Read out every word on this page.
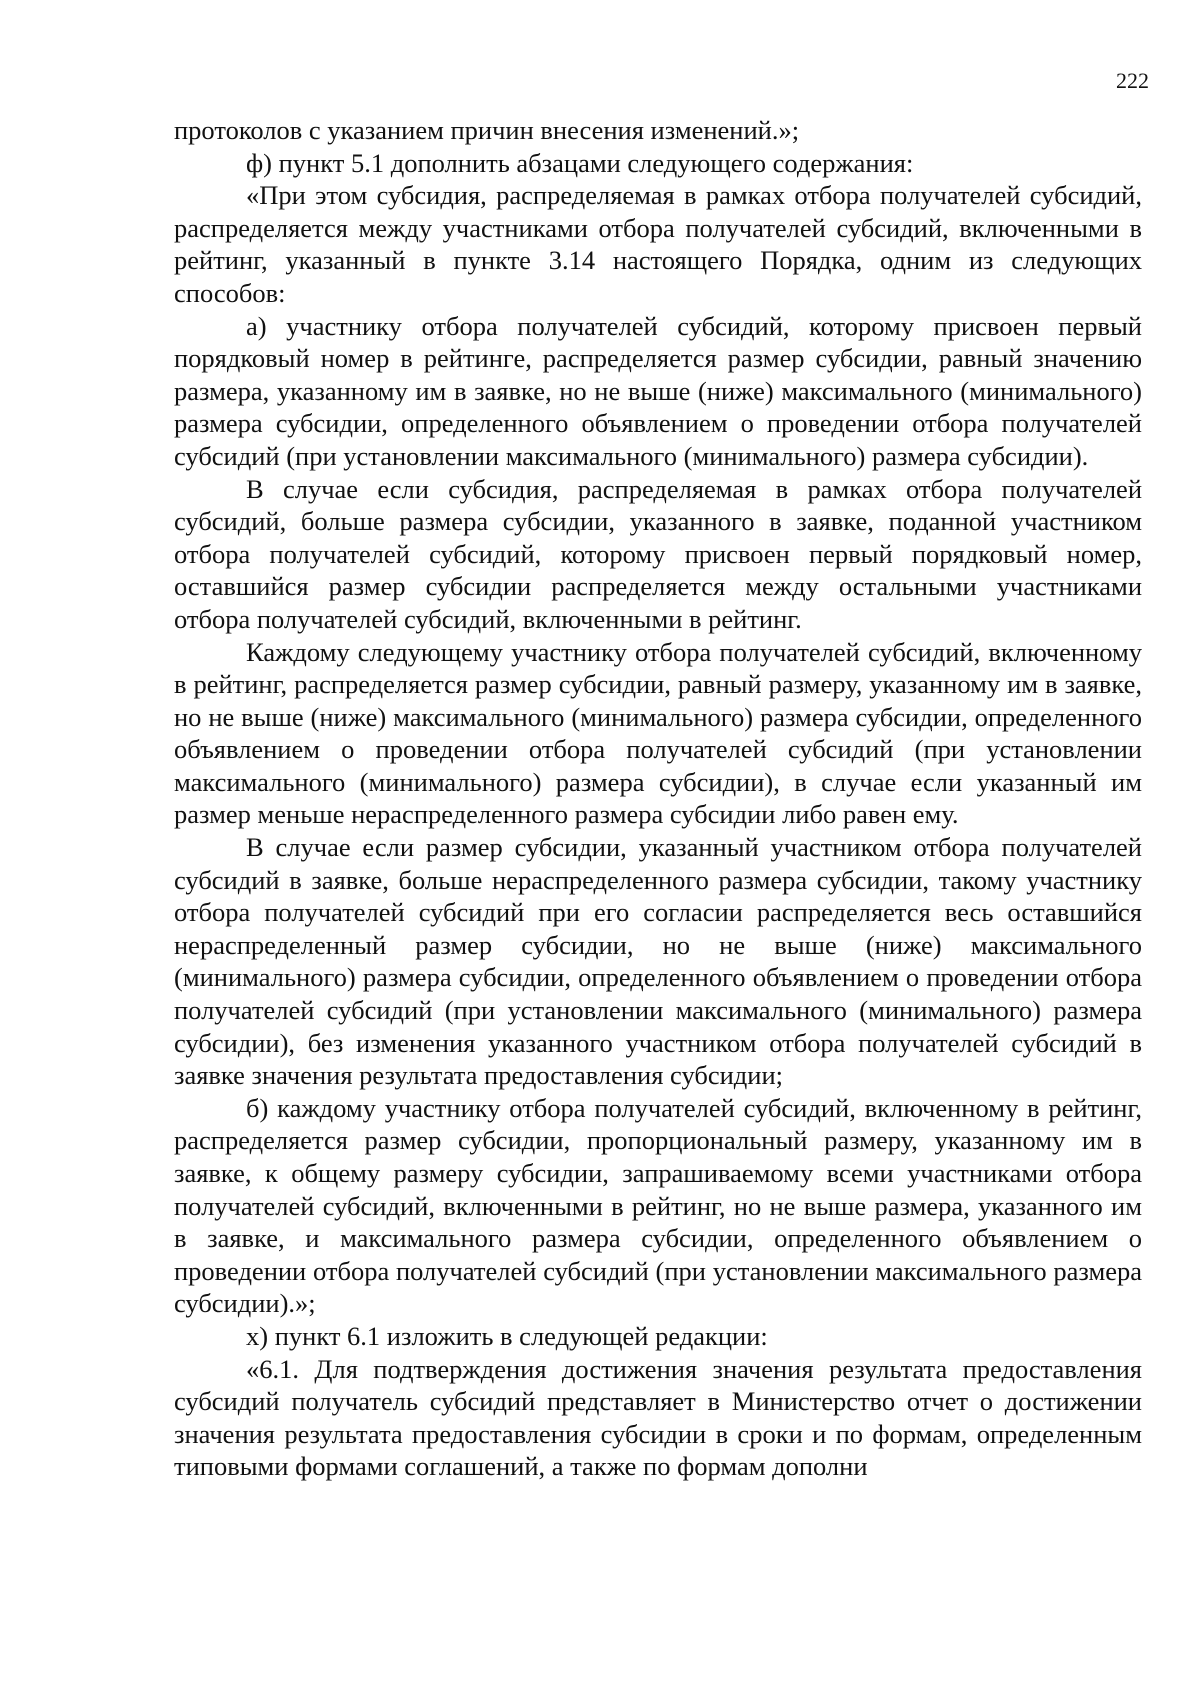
222

протоколов с указанием причин внесения изменений.»;

ф) пункт 5.1 дополнить абзацами следующего содержания:

«При этом субсидия, распределяемая в рамках отбора получателей субсидий, распределяется между участниками отбора получателей субсидий, включенными в рейтинг, указанный в пункте 3.14 настоящего Порядка, одним из следующих способов:

а) участнику отбора получателей субсидий, которому присвоен первый порядковый номер в рейтинге, распределяется размер субсидии, равный значению размера, указанному им в заявке, но не выше (ниже) максимального (минимального) размера субсидии, определенного объявлением о проведении отбора получателей субсидий (при установлении максимального (минимального) размера субсидии).

В случае если субсидия, распределяемая в рамках отбора получателей субсидий, больше размера субсидии, указанного в заявке, поданной участником отбора получателей субсидий, которому присвоен первый порядковый номер, оставшийся размер субсидии распределяется между остальными участниками отбора получателей субсидий, включенными в рейтинг.

Каждому следующему участнику отбора получателей субсидий, включенному в рейтинг, распределяется размер субсидии, равный размеру, указанному им в заявке, но не выше (ниже) максимального (минимального) размера субсидии, определенного объявлением о проведении отбора получателей субсидий (при установлении максимального (минимального) размера субсидии), в случае если указанный им размер меньше нераспределенного размера субсидии либо равен ему.

В случае если размер субсидии, указанный участником отбора получателей субсидий в заявке, больше нераспределенного размера субсидии, такому участнику отбора получателей субсидий при его согласии распределяется весь оставшийся нераспределенный размер субсидии, но не выше (ниже) максимального (минимального) размера субсидии, определенного объявлением о проведении отбора получателей субсидий (при установлении максимального (минимального) размера субсидии), без изменения указанного участником отбора получателей субсидий в заявке значения результата предоставления субсидии;

б) каждому участнику отбора получателей субсидий, включенному в рейтинг, распределяется размер субсидии, пропорциональный размеру, указанному им в заявке, к общему размеру субсидии, запрашиваемому всеми участниками отбора получателей субсидий, включенными в рейтинг, но не выше размера, указанного им в заявке, и максимального размера субсидии, определенного объявлением о проведении отбора получателей субсидий (при установлении максимального размера субсидии).»;

х) пункт 6.1 изложить в следующей редакции:

«6.1. Для подтверждения достижения значения результата предоставления субсидий получатель субсидий представляет в Министерство отчет о достижении значения результата предоставления субсидии в сроки и по формам, определенным типовыми формами соглашений, а также по формам дополни
